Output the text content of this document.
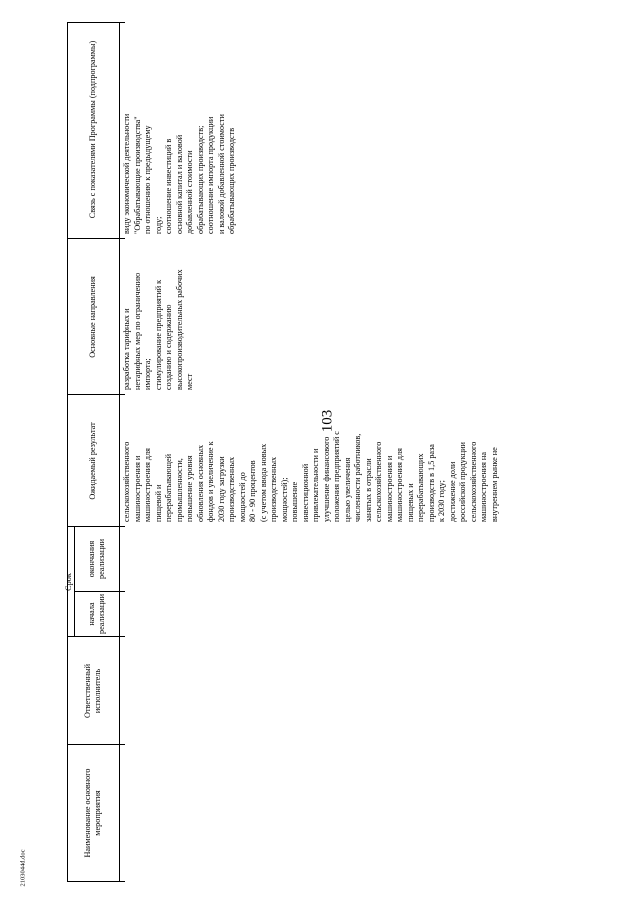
103
2103044d.doc
Наименование основного мероприятия
Ответственный исполнитель
Срок
начала реализации
окончания реализации
Ожидаемый результат
Основные направления
Связь с показателями Программы (подпрограммы)
сельскохозяйственного машиностроения и машиностроения для пищевой и перерабатывающей промышленности, повышение уровня обновления основных фондов и увеличение к 2030 году загрузки производственных мощностей до 80 - 90 процентов (с учетом ввода новых производственных мощностей); повышение инвестиционной привлекательности и улучшение финансового положения предприятий с целью увеличения численности работников, занятых в отрасли сельскохозяйственного машиностроения и машиностроения для пищевых и перерабатывающих производств в 1,5 раза к 2030 году; достижение доли российской продукции сельскохозяйственного машиностроения на внутреннем рынке не
разработка тарифных и нетарифных мер по ограничению импорта; стимулирование предприятий к созданию и содержанию высокопроизводительных рабочих мест
виду экономической деятельности "Обрабатывающие производства" по отношению к предыдущему году; соотношение инвестиций в основной капитал и валовой добавленной стоимости обрабатывающих производств; соотношение импорта продукции и валовой добавленной стоимости обрабатывающих производств
